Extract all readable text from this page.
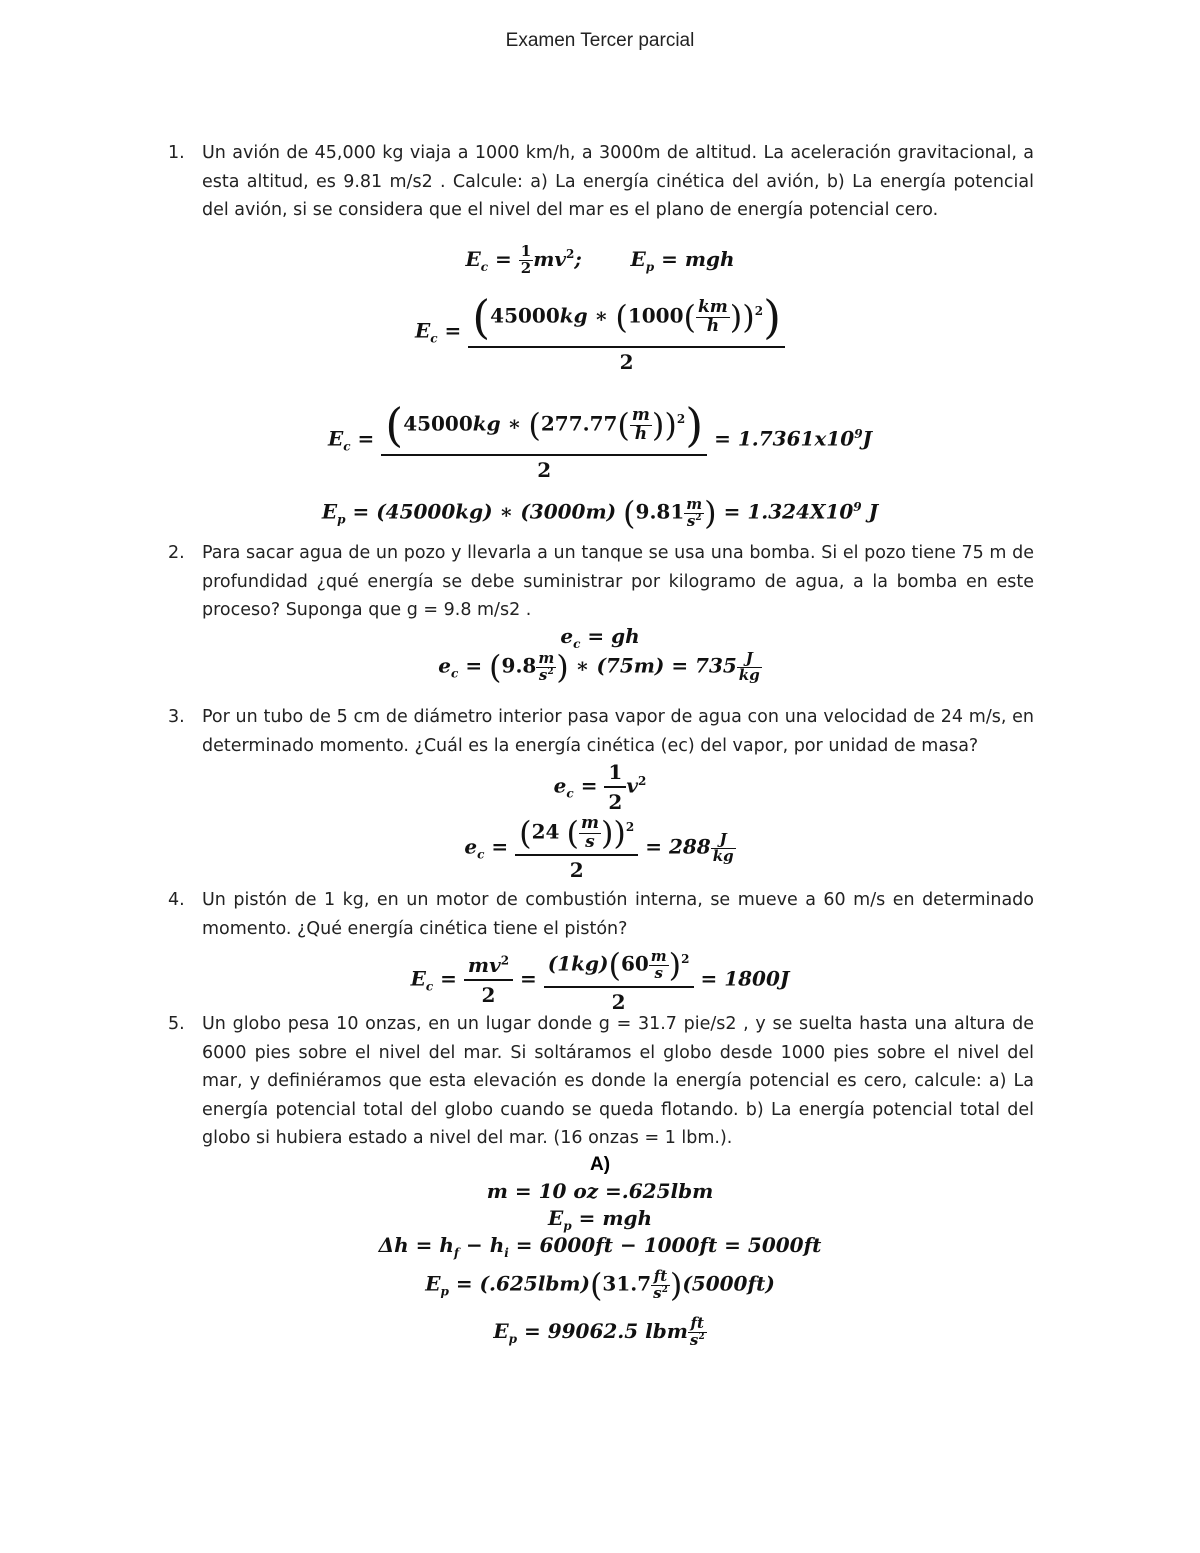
Examen Tercer parcial
1. Un avión de 45,000 kg viaja a 1000 km/h, a 3000m de altitud. La aceleración gravitacional, a esta altitud, es 9.81 m/s2 . Calcule: a) La energía cinética del avión, b) La energía potencial del avión, si se considera que el nivel del mar es el plano de energía potencial cero.
$E_c = \frac{1}{2} mv^2$; $E_p$ = mgh
$E_c = \frac{(45000kg ∗ (1000( \frac{km}{h} ))^2)}{2}$
$E_c = \frac{(45000kg ∗ (277.77( \frac{m}{h} ))^2)}{2} = 1.7361x10^9J$
$E_p = (45000kg)$ ∗ (3000m) ($9.81 \frac{m}{s^2}$ ) = $1.324X10^9$ J
2. Para sacar agua de un pozo y llevarla a un tanque se usa una bomba. Si el pozo tiene 75 m de profundidad ¿qué energía se debe suministrar por kilogramo de agua, a la bomba en este proceso? Suponga que g = 9.8 m/s2 .
$e_c$ = gh
$e_c = (9.8 \frac{m}{s^2}$ ) ∗ $(75m) = 735 \frac{J}{kg}$
3. Por un tubo de 5 cm de diámetro interior pasa vapor de agua con una velocidad de 24 m/s, en determinado momento. ¿Cuál es la energía cinética (ec) del vapor, por unidad de masa?
$e_c = \frac{1}{2} v^2$
$e_c = \frac{(24 ( \frac{m}{s} ))^2}{2} = 288 \frac{J}{kg}$
4. Un pistón de 1 kg, en un motor de combustión interna, se mueve a 60 m/s en determinado momento. ¿Qué energía cinética tiene el pistón?
$E_c = \frac{mv^2}{2} = \frac{(1kg)(60 \frac{m}{s} )^2}{2} = 1800J$
5. Un globo pesa 10 onzas, en un lugar donde g = 31.7 pie/s2 , y se suelta hasta una altura de 6000 pies sobre el nivel del mar. Si soltáramos el globo desde 1000 pies sobre el nivel del mar, y definiéramos que esta elevación es donde la energía potencial es cero, calcule: a) La energía potencial total del globo cuando se queda flotando. b) La energía potencial total del globo si hubiera estado a nivel del mar. (16 onzas = 1 lbm.).
A)
m = 10 oz =.625lbm
$E_p$ = mgh
$\Delta h = h_f - h_i = 6000ft - 1000ft = 5000ft$
$E_p = (.625lbm)(31.7 \frac{ft}{s^2} )(5000ft)$
$E_p = 99062.5$ lbm $\frac{ft}{s^2}$
